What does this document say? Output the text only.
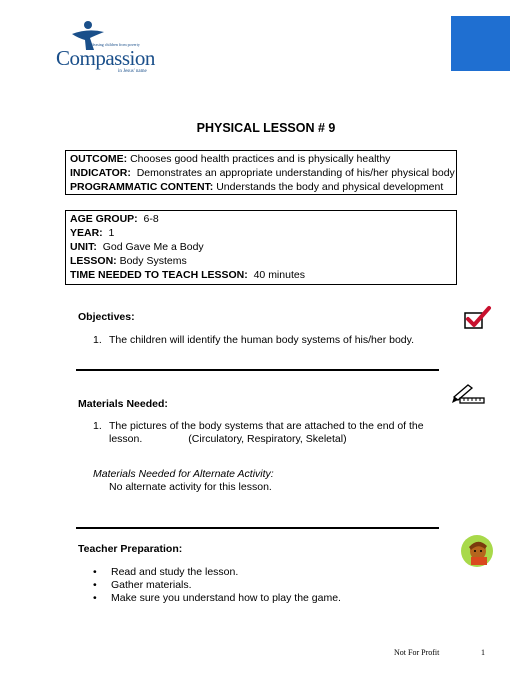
Releasing children from poverty
Compassion
in Jesus' name
PHYSICAL LESSON # 9
OUTCOME: Chooses good health practices and is physically healthy
INDICATOR: Demonstrates an appropriate understanding of his/her physical body
PROGRAMMATIC CONTENT: Understands the body and physical development
AGE GROUP: 6-8
YEAR: 1
UNIT: God Gave Me a Body
LESSON: Body Systems
TIME NEEDED TO TEACH LESSON: 40 minutes
Objectives:
1. The children will identify the human body systems of his/her body.
Materials Needed:
1. The pictures of the body systems that are attached to the end of the
lesson.	(Circulatory, Respiratory, Skeletal)
Materials Needed for Alternate Activity:
No alternate activity for this lesson.
Teacher Preparation:
•	Read and study the lesson.
•	Gather materials.
•	Make sure you understand how to play the game.
Not For Profit	1
